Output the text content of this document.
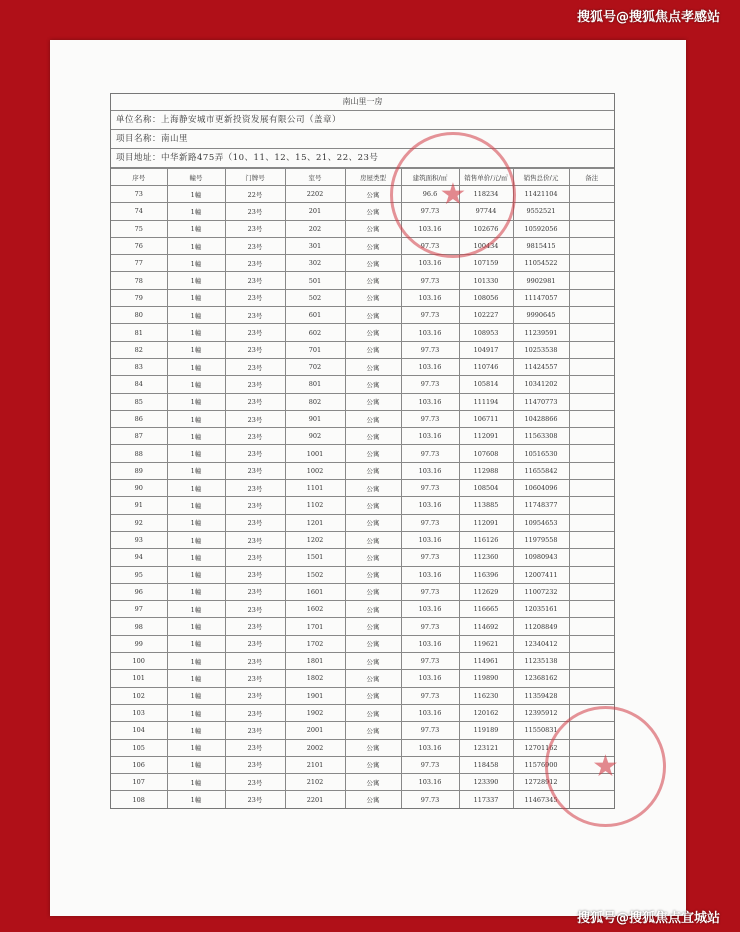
搜狐号@搜狐焦点孝感站
南山里一房
单位名称：上海静安城市更新投资发展有限公司（盖章）
项目名称：南山里
项目地址：中华新路475弄（10、11、12、15、21、22、23号
序号	幢号	门牌号	室号	房屋类型	建筑面积/㎡	销售单价/元/㎡	销售总价/元	备注
73	1幢	22号	2202	公寓	96.6	118234	11421104	
74	1幢	23号	201	公寓	97.73	97744	9552521	
75	1幢	23号	202	公寓	103.16	102676	10592056	
76	1幢	23号	301	公寓	97.73	100434	9815415	
77	1幢	23号	302	公寓	103.16	107159	11054522	
78	1幢	23号	501	公寓	97.73	101330	9902981	
79	1幢	23号	502	公寓	103.16	108056	11147057	
80	1幢	23号	601	公寓	97.73	102227	9990645	
81	1幢	23号	602	公寓	103.16	108953	11239591	
82	1幢	23号	701	公寓	97.73	104917	10253538	
83	1幢	23号	702	公寓	103.16	110746	11424557	
84	1幢	23号	801	公寓	97.73	105814	10341202	
85	1幢	23号	802	公寓	103.16	111194	11470773	
86	1幢	23号	901	公寓	97.73	106711	10428866	
87	1幢	23号	902	公寓	103.16	112091	11563308	
88	1幢	23号	1001	公寓	97.73	107608	10516530	
89	1幢	23号	1002	公寓	103.16	112988	11655842	
90	1幢	23号	1101	公寓	97.73	108504	10604096	
91	1幢	23号	1102	公寓	103.16	113885	11748377	
92	1幢	23号	1201	公寓	97.73	112091	10954653	
93	1幢	23号	1202	公寓	103.16	116126	11979558	
94	1幢	23号	1501	公寓	97.73	112360	10980943	
95	1幢	23号	1502	公寓	103.16	116396	12007411	
96	1幢	23号	1601	公寓	97.73	112629	11007232	
97	1幢	23号	1602	公寓	103.16	116665	12035161	
98	1幢	23号	1701	公寓	97.73	114692	11208849	
99	1幢	23号	1702	公寓	103.16	119621	12340412	
100	1幢	23号	1801	公寓	97.73	114961	11235138	
101	1幢	23号	1802	公寓	103.16	119890	12368162	
102	1幢	23号	1901	公寓	97.73	116230	11359428	
103	1幢	23号	1902	公寓	103.16	120162	12395912	
104	1幢	23号	2001	公寓	97.73	119189	11550831	
105	1幢	23号	2002	公寓	103.16	123121	12701162	
106	1幢	23号	2101	公寓	97.73	118458	11576900	
107	1幢	23号	2102	公寓	103.16	123390	12728912	
108	1幢	23号	2201	公寓	97.73	117337	11467345	
★
★
搜狐号@搜狐焦点宜城站
